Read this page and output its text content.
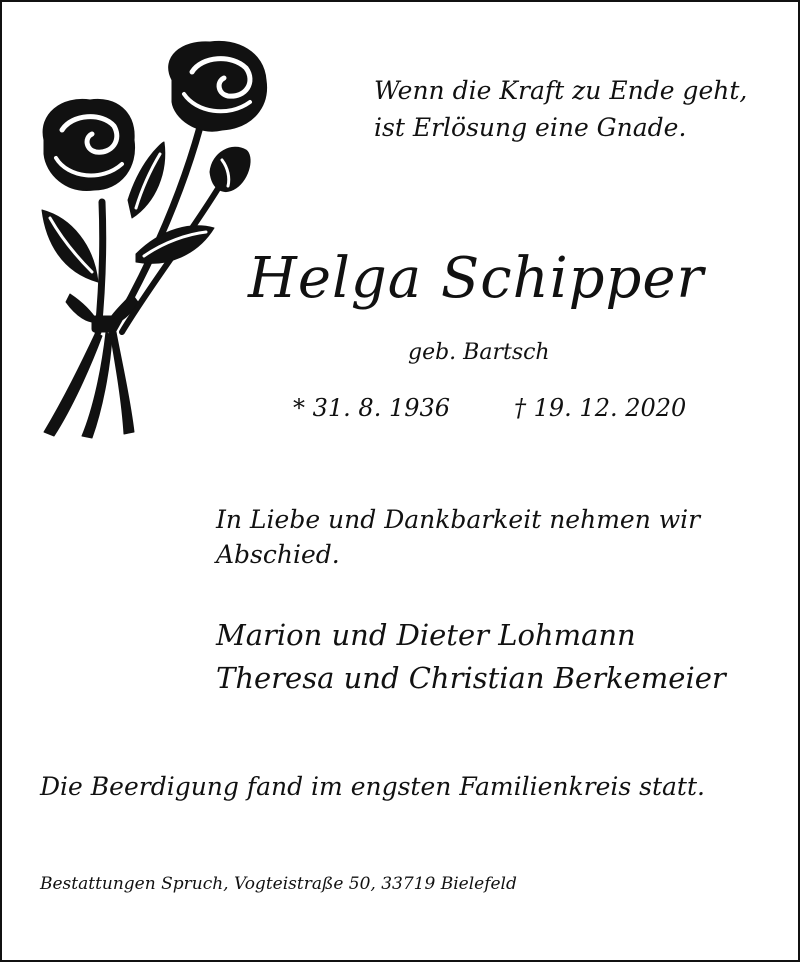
Wenn die Kraft zu Ende geht,
ist Erlösung eine Gnade.
Helga Schipper
geb. Bartsch
* 31. 8. 1936	† 19. 12. 2020
In Liebe und Dankbarkeit nehmen wir
Abschied.
Marion und Dieter Lohmann
Theresa und Christian Berkemeier
Die Beerdigung fand im engsten Familienkreis statt.
Bestattungen Spruch, Vogteistraße 50, 33719 Bielefeld
